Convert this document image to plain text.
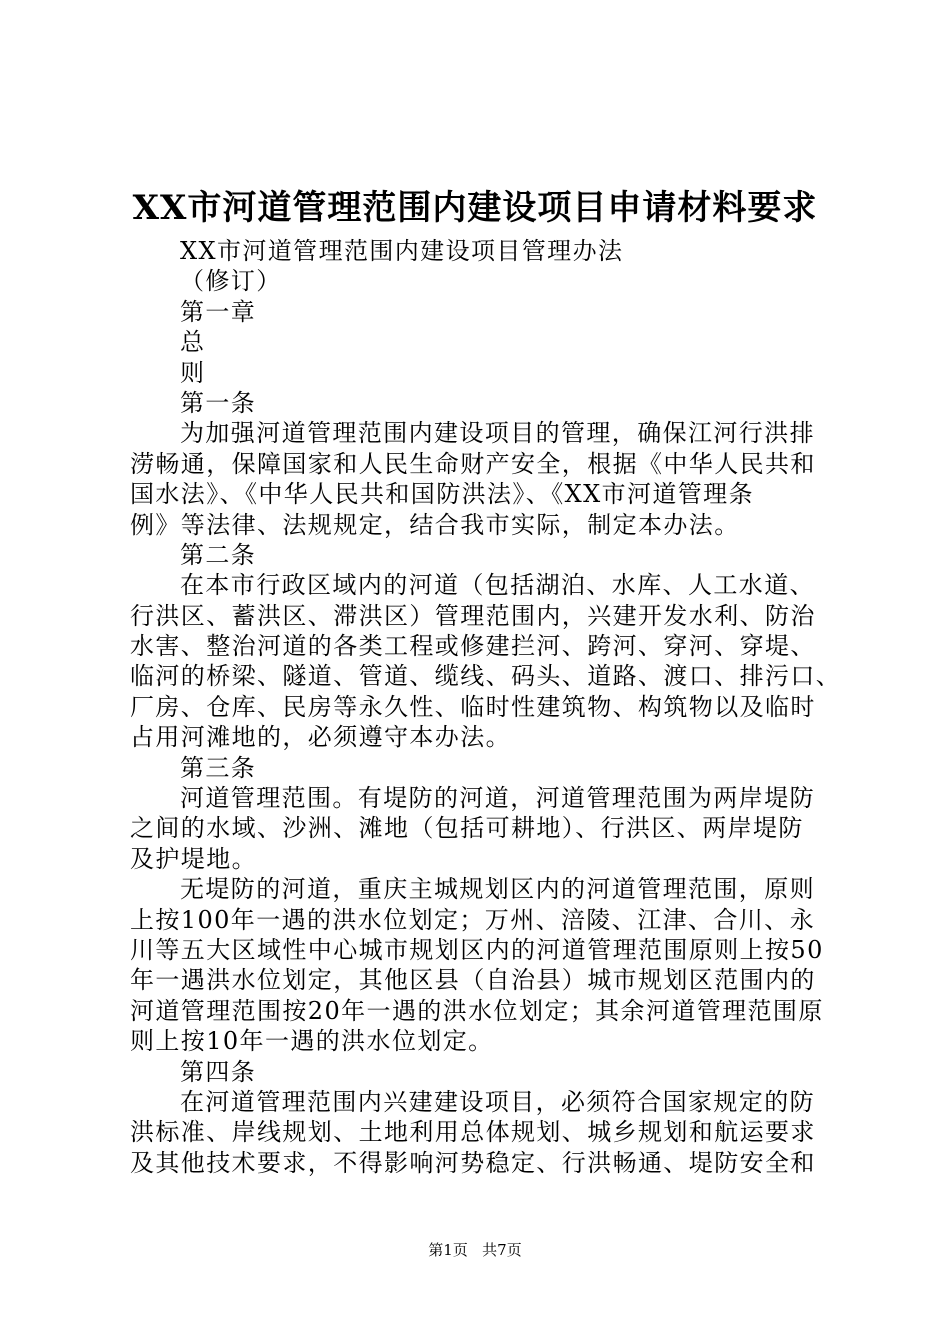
XX市河道管理范围内建设项目申请材料要求
XX市河道管理范围内建设项目管理办法
（修订）
第一章
总
则
第一条
为加强河道管理范围内建设项目的管理，确保江河行洪排
涝畅通，保障国家和人民生命财产安全，根据《中华人民共和
国水法》、《中华人民共和国防洪法》、《XX市河道管理条
例》等法律、法规规定，结合我市实际，制定本办法。
第二条
在本市行政区域内的河道（包括湖泊、水库、人工水道、
行洪区、蓄洪区、滞洪区）管理范围内，兴建开发水利、防治
水害、整治河道的各类工程或修建拦河、跨河、穿河、穿堤、
临河的桥梁、隧道、管道、缆线、码头、道路、渡口、排污口、
厂房、仓库、民房等永久性、临时性建筑物、构筑物以及临时
占用河滩地的，必须遵守本办法。
第三条
河道管理范围。有堤防的河道，河道管理范围为两岸堤防
之间的水域、沙洲、滩地（包括可耕地）、行洪区、两岸堤防
及护堤地。
无堤防的河道，重庆主城规划区内的河道管理范围，原则
上按100年一遇的洪水位划定；万州、涪陵、江津、合川、永
川等五大区域性中心城市规划区内的河道管理范围原则上按50
年一遇洪水位划定，其他区县（自治县）城市规划区范围内的
河道管理范围按20年一遇的洪水位划定；其余河道管理范围原
则上按10年一遇的洪水位划定。
第四条
在河道管理范围内兴建建设项目，必须符合国家规定的防
洪标准、岸线规划、土地利用总体规划、城乡规划和航运要求
及其他技术要求，不得影响河势稳定、行洪畅通、堤防安全和
第1页 共7页
